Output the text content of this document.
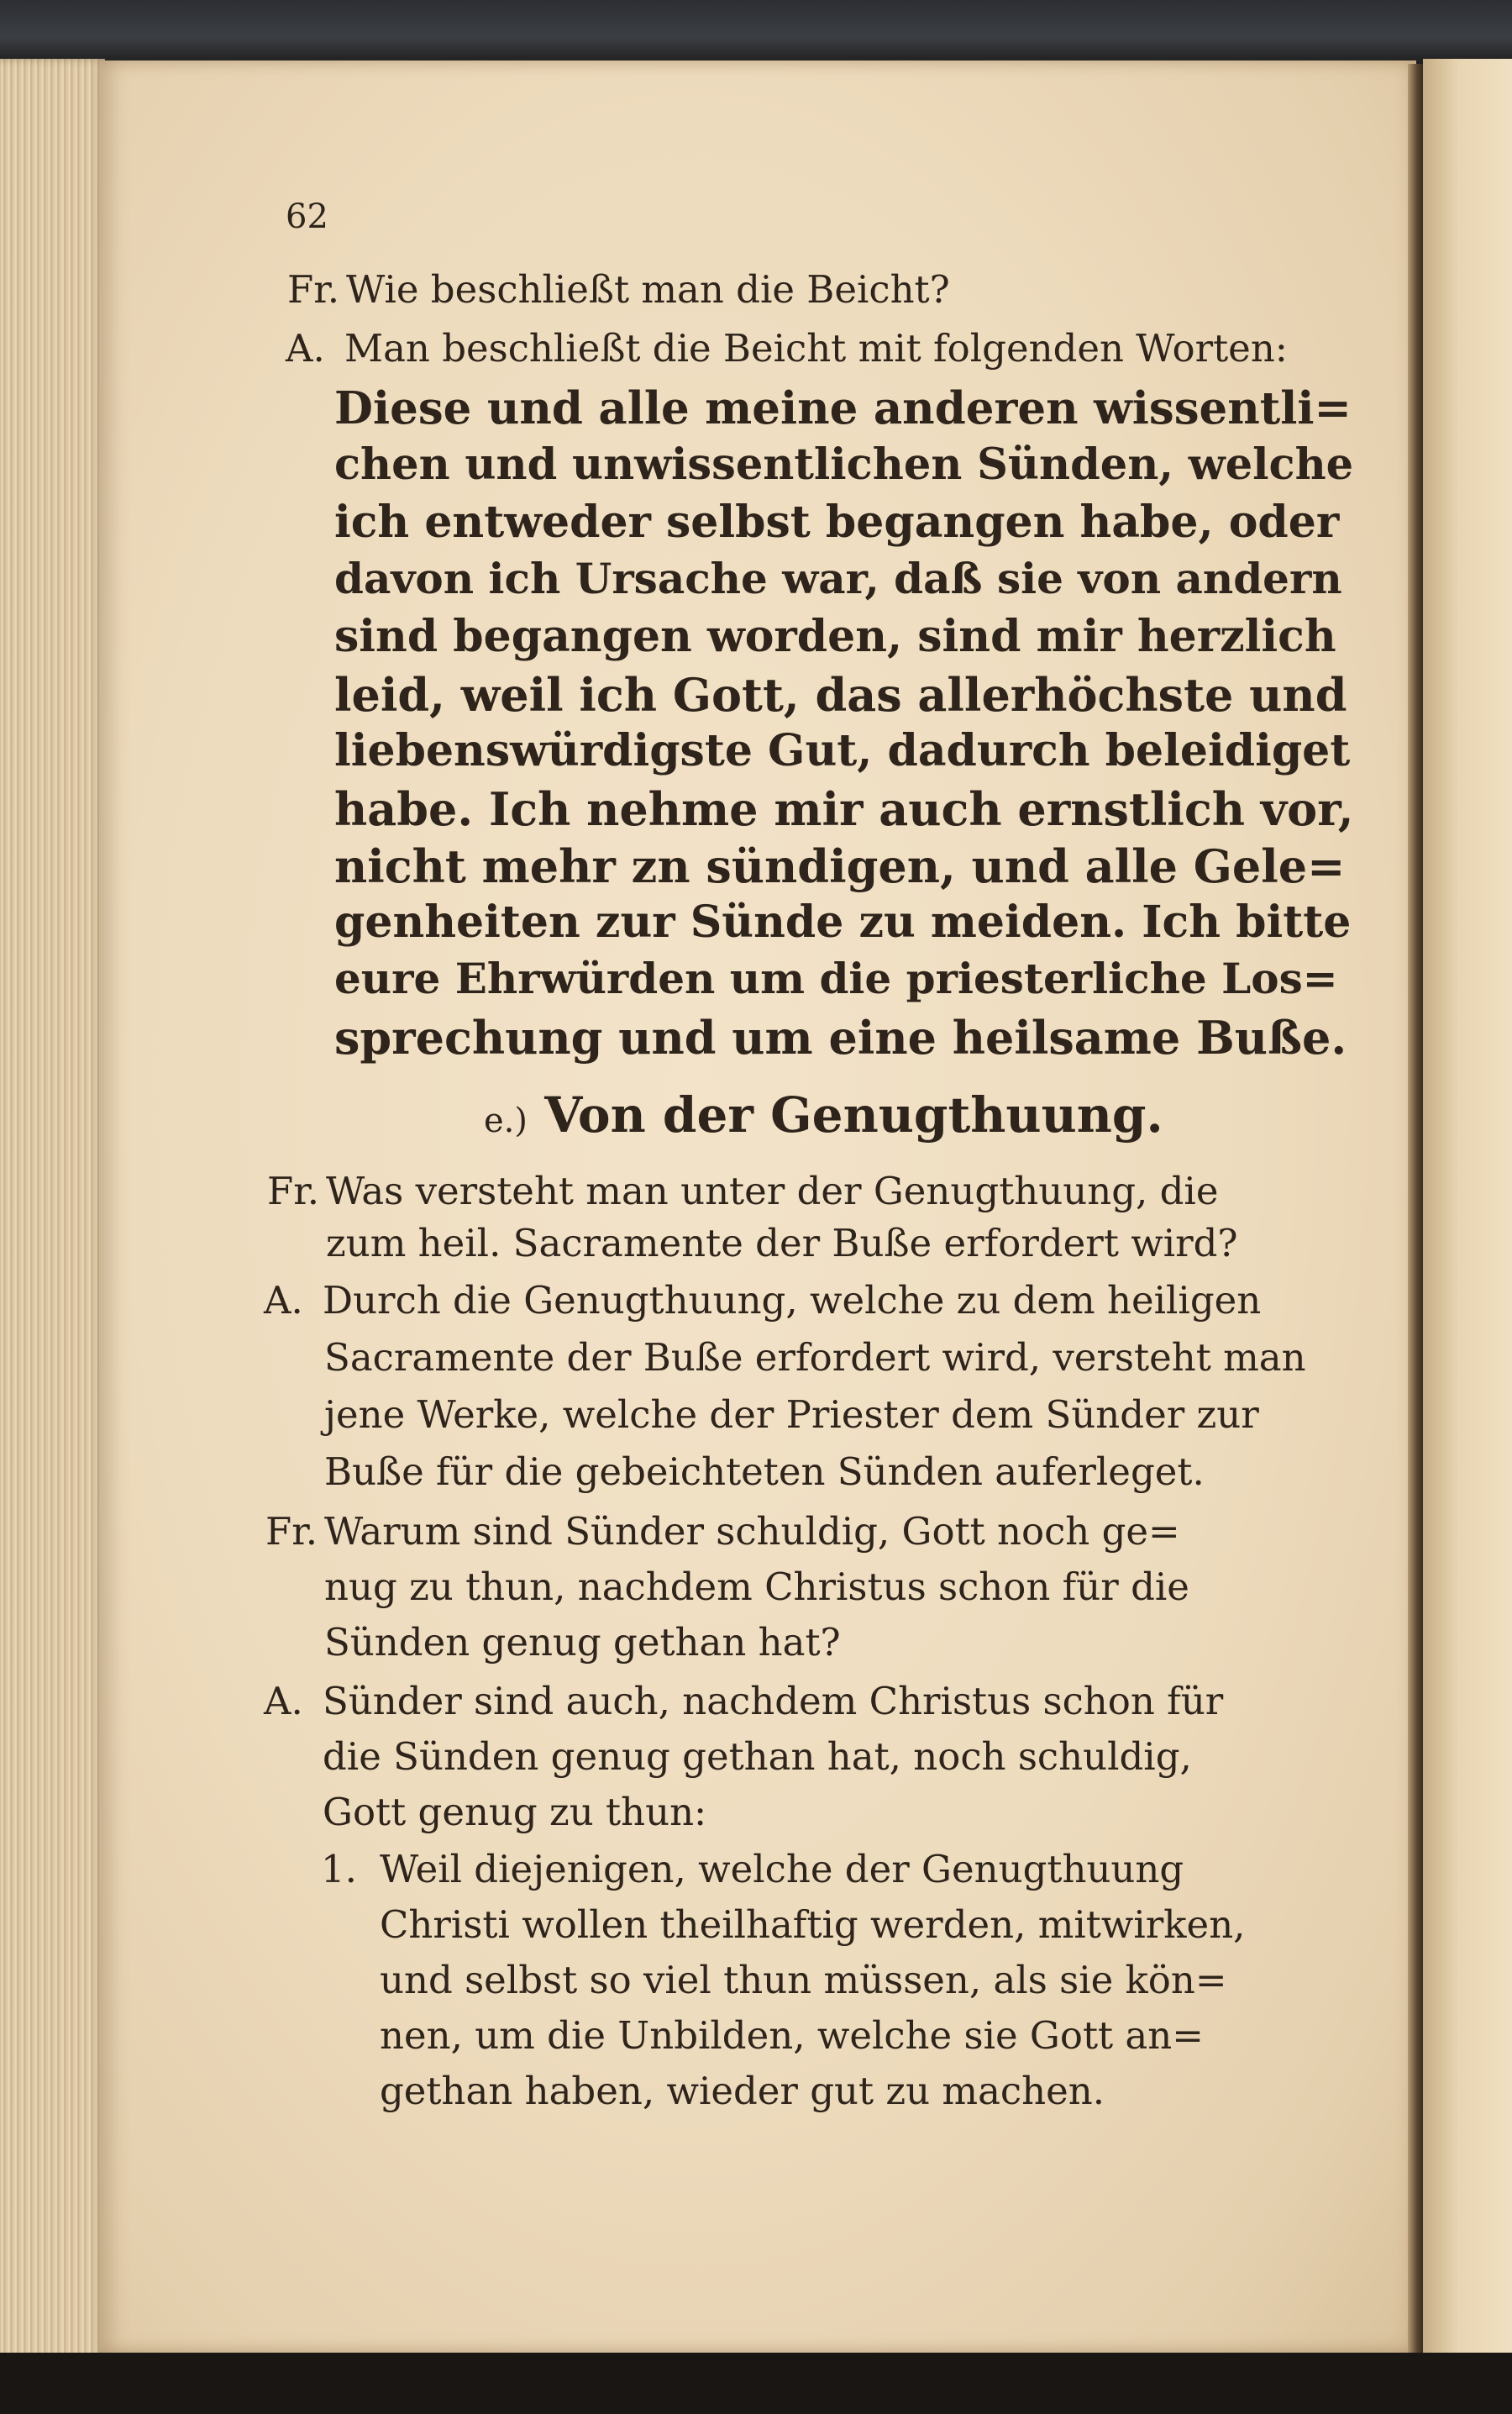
62

Fr. Wie beschließt man die Beicht?

A. Man beschließt die Beicht mit folgenden Worten:

Diese und alle meine anderen wissentli=

chen und unwissentlichen Sünden, welche

ich entweder selbst begangen habe, oder

davon ich Ursache war, daß sie von andern

sind begangen worden, sind mir herzlich

leid, weil ich Gott, das allerhöchste und

liebenswürdigste Gut, dadurch beleidiget

habe. Ich nehme mir auch ernstlich vor,

nicht mehr zn sündigen, und alle Gele=

genheiten zur Sünde zu meiden. Ich bitte

eure Ehrwürden um die priesterliche Los=

sprechung und um eine heilsame Buße.

e.) Von der Genugthuung.

Fr. Was versteht man unter der Genugthuung, die

zum heil. Sacramente der Buße erfordert wird?

A. Durch die Genugthuung, welche zu dem heiligen

Sacramente der Buße erfordert wird, versteht man

jene Werke, welche der Priester dem Sünder zur

Buße für die gebeichteten Sünden auferleget.

Fr. Warum sind Sünder schuldig, Gott noch ge=

nug zu thun, nachdem Christus schon für die

Sünden genug gethan hat?

A. Sünder sind auch, nachdem Christus schon für

die Sünden genug gethan hat, noch schuldig,

Gott genug zu thun:

1. Weil diejenigen, welche der Genugthuung

Christi wollen theilhaftig werden, mitwirken,

und selbst so viel thun müssen, als sie kön=

nen, um die Unbilden, welche sie Gott an=

gethan haben, wieder gut zu machen.
